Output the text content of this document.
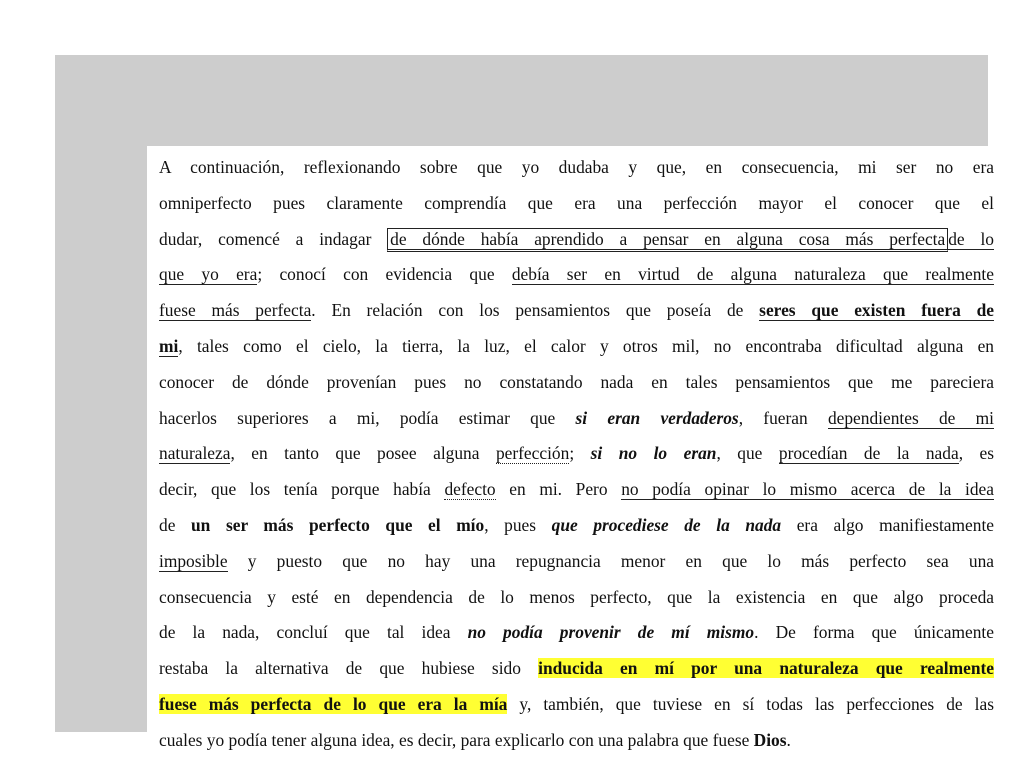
A continuación, reflexionando sobre que yo dudaba y que, en consecuencia, mi ser no era
omniperfecto pues claramente comprendía que era una perfección mayor el conocer que el
dudar, comencé a indagar de dónde había aprendido a pensar en alguna cosa más perfecta de lo
que yo era; conocí con evidencia que debía ser en virtud de alguna naturaleza que realmente
fuese más perfecta. En relación con los pensamientos que poseía de seres que existen fuera de
mi, tales como el cielo, la tierra, la luz, el calor y otros mil, no encontraba dificultad alguna en
conocer de dónde provenían pues no constatando nada en tales pensamientos que me pareciera
hacerlos superiores a mi, podía estimar que si eran verdaderos, fueran dependientes de mi
naturaleza, en tanto que posee alguna perfección; si no lo eran, que procedían de la nada, es
decir, que los tenía porque había defecto en mi. Pero no podía opinar lo mismo acerca de la idea
de un ser más perfecto que el mío, pues que procediese de la nada era algo manifiestamente
imposible y puesto que no hay una repugnancia menor en que lo más perfecto sea una
consecuencia y esté en dependencia de lo menos perfecto, que la existencia en que algo proceda
de la nada, concluí que tal idea no podía provenir de mí mismo. De forma que únicamente
restaba la alternativa de que hubiese sido inducida en mí por una naturaleza que realmente
fuese más perfecta de lo que era la mía y, también, que tuviese en sí todas las perfecciones de las
cuales yo podía tener alguna idea, es decir, para explicarlo con una palabra que fuese Dios.
